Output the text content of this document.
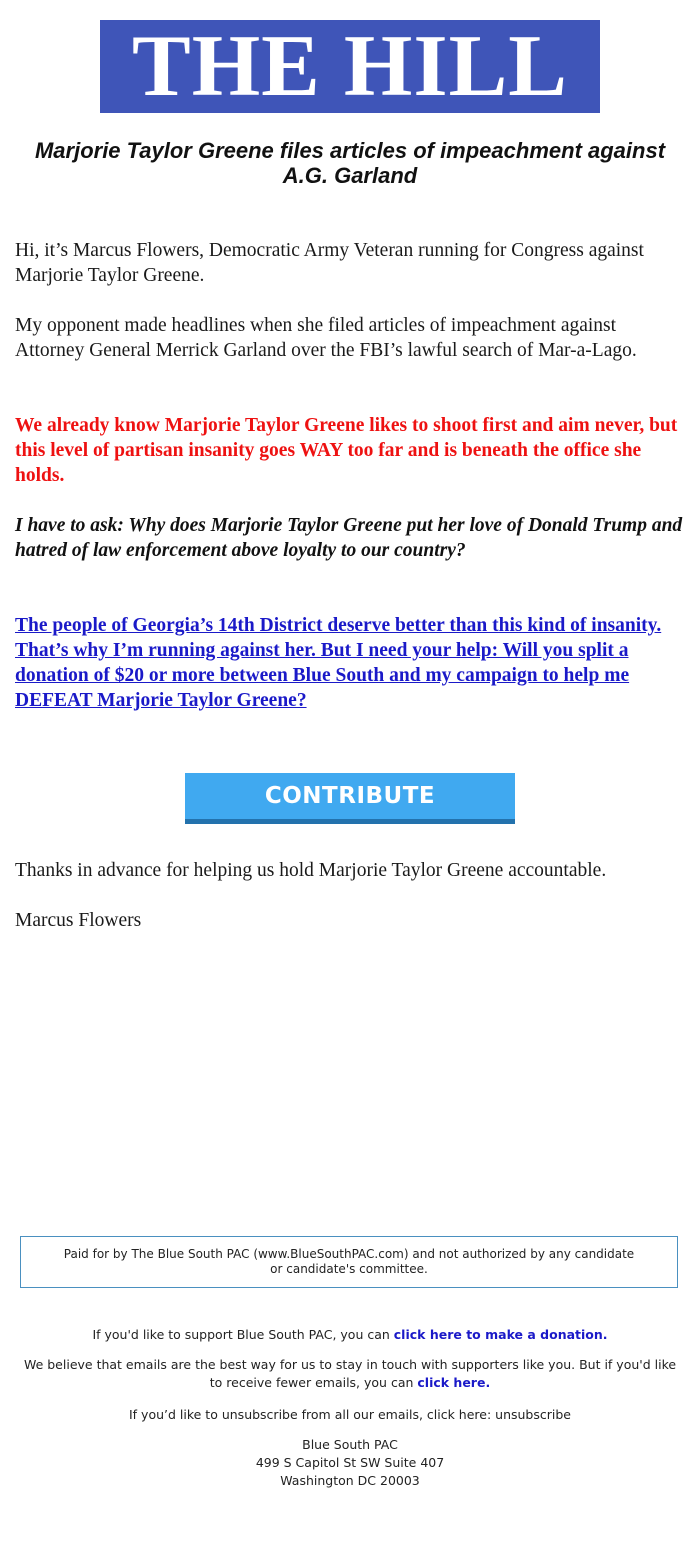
THE HILL
Marjorie Taylor Greene files articles of impeachment against A.G. Garland

Hi, it’s Marcus Flowers, Democratic Army Veteran running for Congress against Marjorie Taylor Greene.

My opponent made headlines when she filed articles of impeachment against Attorney General Merrick Garland over the FBI’s lawful search of Mar-a-Lago.

We already know Marjorie Taylor Greene likes to shoot first and aim never, but this level of partisan insanity goes WAY too far and is beneath the office she holds.

I have to ask: Why does Marjorie Taylor Greene put her love of Donald Trump and hatred of law enforcement above loyalty to our country?

The people of Georgia’s 14th District deserve better than this kind of insanity. That’s why I’m running against her. But I need your help: Will you split a donation of $20 or more between Blue South and my campaign to help me DEFEAT Marjorie Taylor Greene?
CONTRIBUTE

Thanks in advance for helping us hold Marjorie Taylor Greene accountable.

Marcus Flowers

Paid for by The Blue South PAC (www.BlueSouthPAC.com) and not authorized by any candidate or candidate's committee.

If you'd like to support Blue South PAC, you can click here to make a donation.

We believe that emails are the best way for us to stay in touch with supporters like you. But if you'd like to receive fewer emails, you can click here.

If you’d like to unsubscribe from all our emails, click here: unsubscribe

Blue South PAC
499 S Capitol St SW Suite 407
Washington DC 20003
